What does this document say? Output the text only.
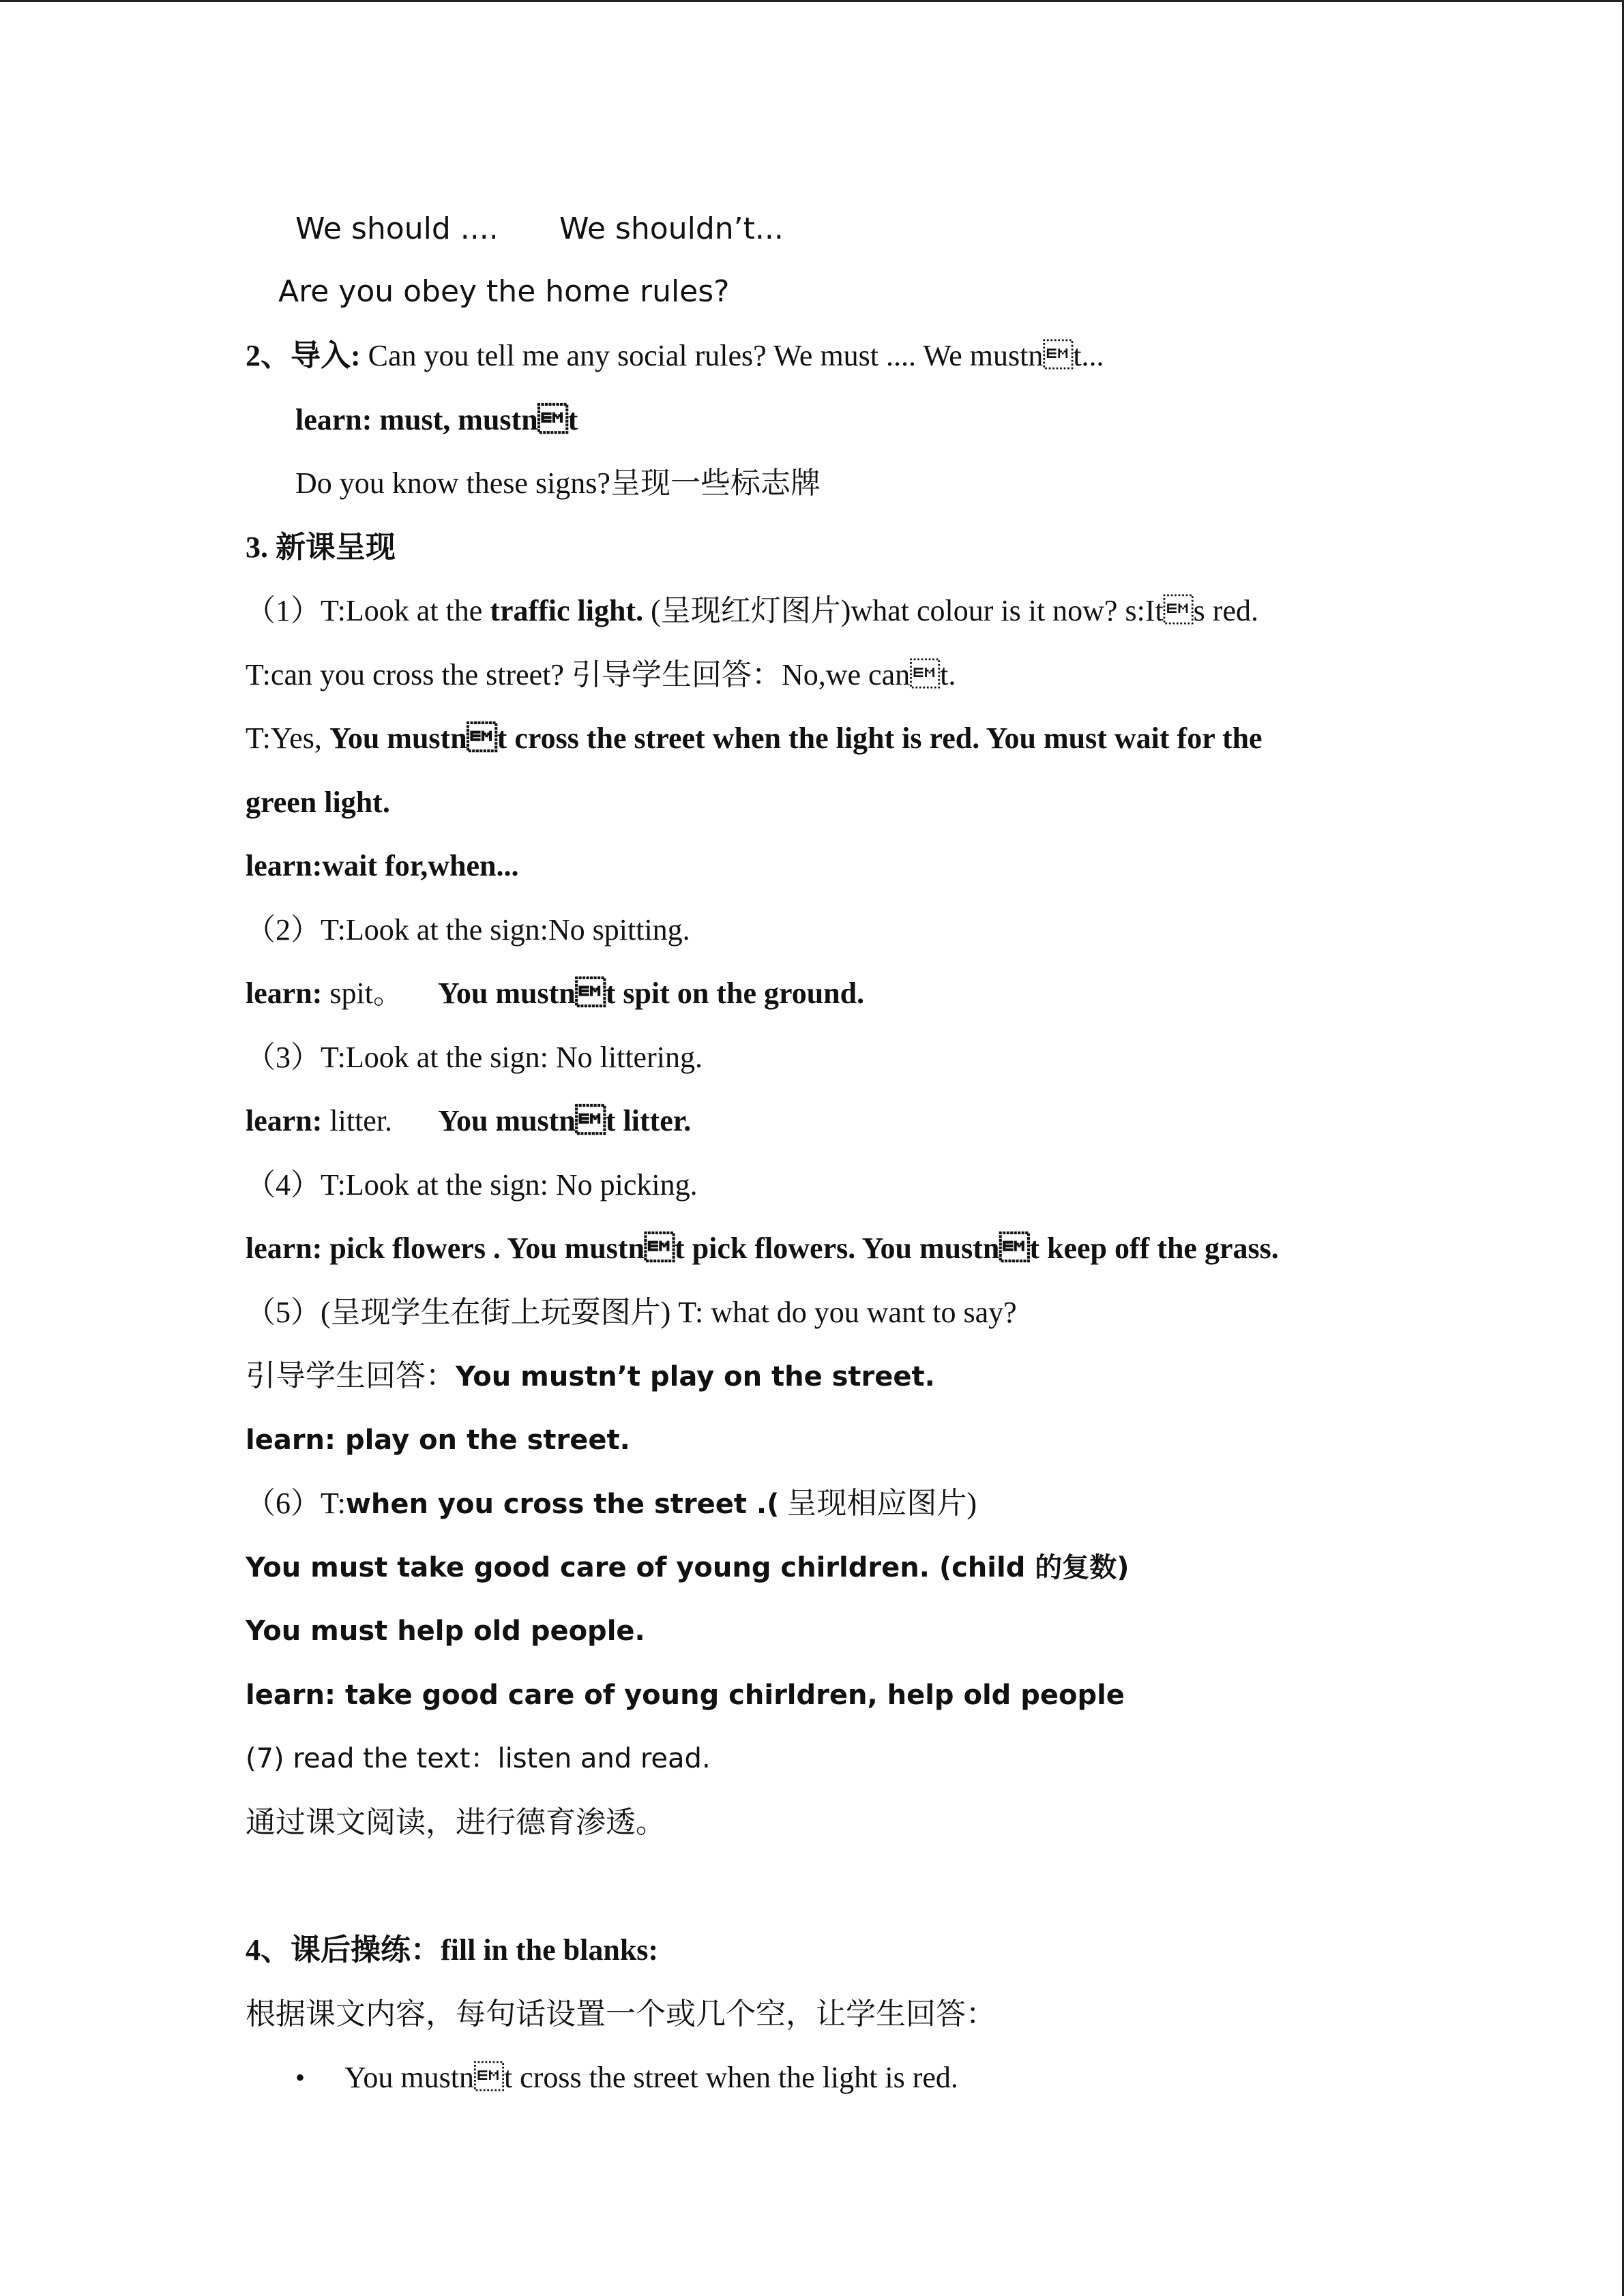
We should .... We shouldn’t...
Are you obey the home rules?
2、导入: Can you tell me any social rules? We must .... We mustnt...
learn: must, mustnt
Do you know these signs?呈现一些标志牌
3. 新课呈现
（1）T:Look at the traffic light. (呈现红灯图片)what colour is it now? s:Its red.
T:can you cross the street? 引导学生回答：No,we cant.
T:Yes, You mustnt cross the street when the light is red. You must wait for the
green light.
learn:wait for,when...
（2）T:Look at the sign:No spitting.
learn: spit。 You mustnt spit on the ground.
（3）T:Look at the sign: No littering.
learn: litter. You mustnt litter.
（4）T:Look at the sign: No picking.
learn: pick flowers . You mustnt pick flowers. You mustnt keep off the grass.
（5）(呈现学生在街上玩耍图片) T: what do you want to say?
引导学生回答：You mustn’t play on the street.
learn: play on the street.
（6）T:when you cross the street .( 呈现相应图片)
You must take good care of young chirldren. (child 的复数)
You must help old people.
learn: take good care of young chirldren, help old people
(7) read the text：listen and read.
通过课文阅读，进行德育渗透。
4、课后操练：fill in the blanks:
根据课文内容，每句话设置一个或几个空，让学生回答：
• You mustnt cross the street when the light is red.
